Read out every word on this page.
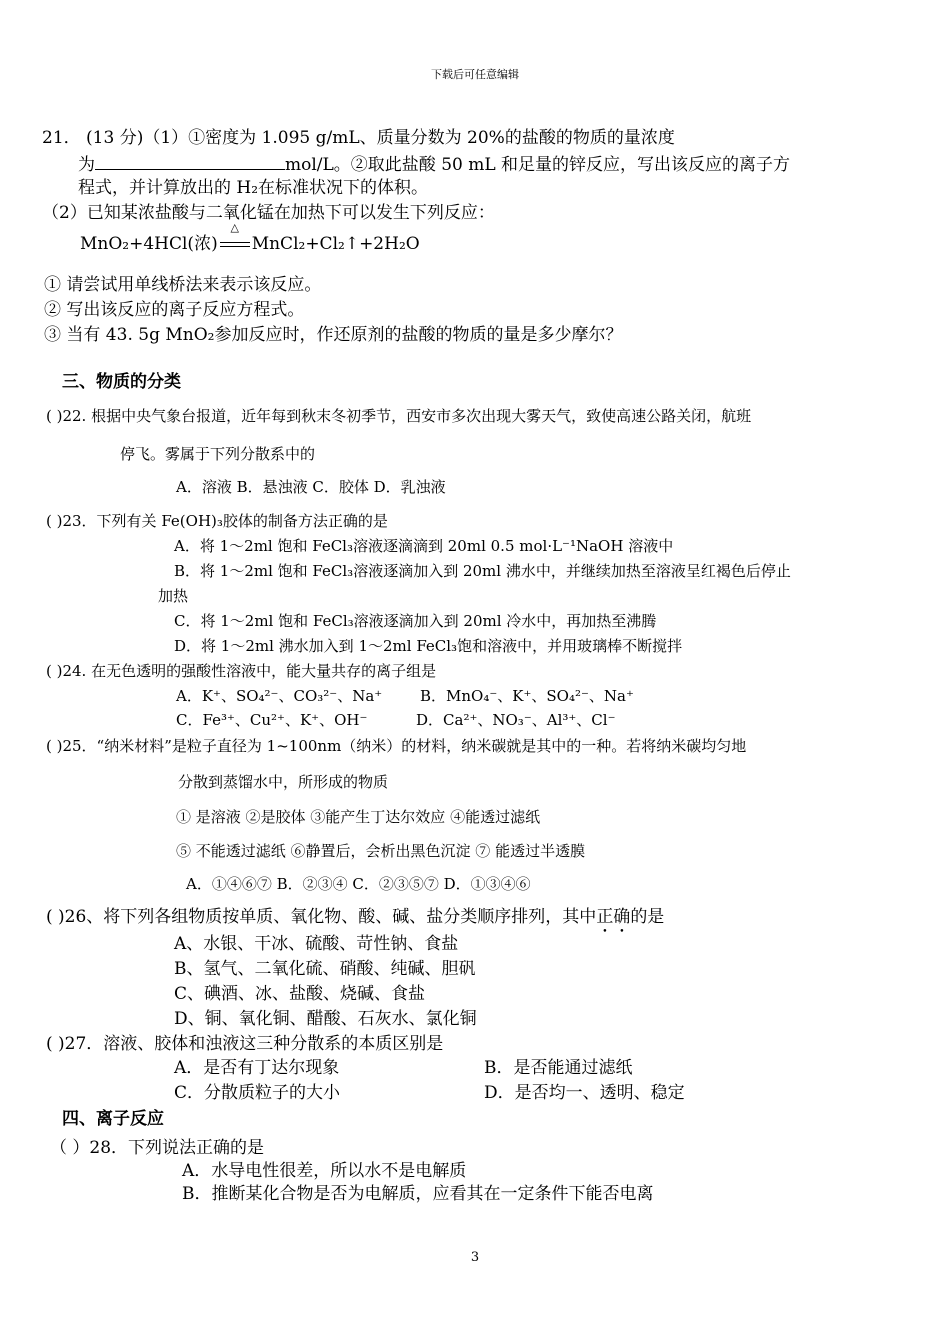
下载后可任意编辑
21． (13 分)（1）①密度为 1.095 g/mL、质量分数为 20%的盐酸的物质的量浓度
为	mol/L。②取此盐酸 50 mL 和足量的锌反应，写出该反应的离子方
程式，并计算放出的 H₂在标准状况下的体积。
（2）已知某浓盐酸与二氧化锰在加热下可以发生下列反应：
MnO₂+4HCl(浓)
△
MnCl₂+Cl₂↑+2H₂O
① 请尝试用单线桥法来表示该反应。
② 写出该反应的离子反应方程式。
③ 当有 43. 5g MnO₂参加反应时，作还原剂的盐酸的物质的量是多少摩尔？
三、物质的分类
( )22. 根据中央气象台报道，近年每到秋末冬初季节，西安市多次出现大雾天气，致使高速公路关闭，航班
停飞。雾属于下列分散系中的
A．溶液 B．悬浊液 C．胶体 D．乳浊液
( )23．下列有关 Fe(OH)₃胶体的制备方法正确的是
A．将 1～2ml 饱和 FeCl₃溶液逐滴滴到 20ml 0.5 mol·L⁻¹NaOH 溶液中
B．将 1～2ml 饱和 FeCl₃溶液逐滴加入到 20ml 沸水中，并继续加热至溶液呈红褐色后停止
加热
C．将 1～2ml 饱和 FeCl₃溶液逐滴加入到 20ml 冷水中，再加热至沸腾
D．将 1～2ml 沸水加入到 1～2ml FeCl₃饱和溶液中，并用玻璃棒不断搅拌
( )24. 在无色透明的强酸性溶液中，能大量共存的离子组是
A．K⁺、SO₄²⁻、CO₃²⁻、Na⁺	B．MnO₄⁻、K⁺、SO₄²⁻、Na⁺
C．Fe³⁺、Cu²⁺、K⁺、OH⁻	D．Ca²⁺、NO₃⁻、Al³⁺、Cl⁻
( )25．“纳米材料”是粒子直径为 1~100nm（纳米）的材料，纳米碳就是其中的一种。若将纳米碳均匀地
分散到蒸馏水中，所形成的物质
① 是溶液 ②是胶体 ③能产生丁达尔效应 ④能透过滤纸
⑤ 不能透过滤纸 ⑥静置后，会析出黑色沉淀 ⑦ 能透过半透膜
A．①④⑥⑦ B．②③④ C．②③⑤⑦ D．①③④⑥
( )26、将下列各组物质按单质、氧化物、酸、碱、盐分类顺序排列，其中正确的是
A、水银、干冰、硫酸、苛性钠、食盐
B、氢气、二氧化硫、硝酸、纯碱、胆矾
C、碘酒、冰、盐酸、烧碱、食盐
D、铜、氧化铜、醋酸、石灰水、氯化铜
( )27．溶液、胶体和浊液这三种分散系的本质区别是
A．是否有丁达尔现象	B．是否能通过滤纸
C．分散质粒子的大小	D．是否均一、透明、稳定
四、离子反应
（ ）28．下列说法正确的是
A．水导电性很差，所以水不是电解质
B．推断某化合物是否为电解质，应看其在一定条件下能否电离
3
